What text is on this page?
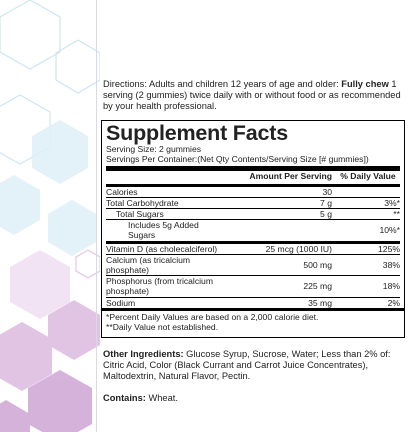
Directions: Adults and children 12 years of age and older: Fully chew 1 serving (2 gummies) twice daily with or without food or as recommended by your health professional.

Supplement Facts
Serving Size: 2 gummies
Servings Per Container:(Net Qty Contents/Serving Size [# gummies])
	Amount Per Serving	% Daily Value
Calories	30	
Total Carbohydrate	7 g	3%*
Total Sugars	5 g	**
Includes 5g Added Sugars		10%*
Vitamin D (as cholecalciferol)	25 mcg (1000 IU)	125%
Calcium (as tricalcium phosphate)	500 mg	38%
Phosphorus (from tricalcium phosphate)	225 mg	18%
Sodium	35 mg	2%
*Percent Daily Values are based on a 2,000 calorie diet.
**Daily Value not established.

Other Ingredients: Glucose Syrup, Sucrose, Water; Less than 2% of: Citric Acid, Color (Black Currant and Carrot Juice Concentrates), Maltodextrin, Natural Flavor, Pectin.

Contains: Wheat.
